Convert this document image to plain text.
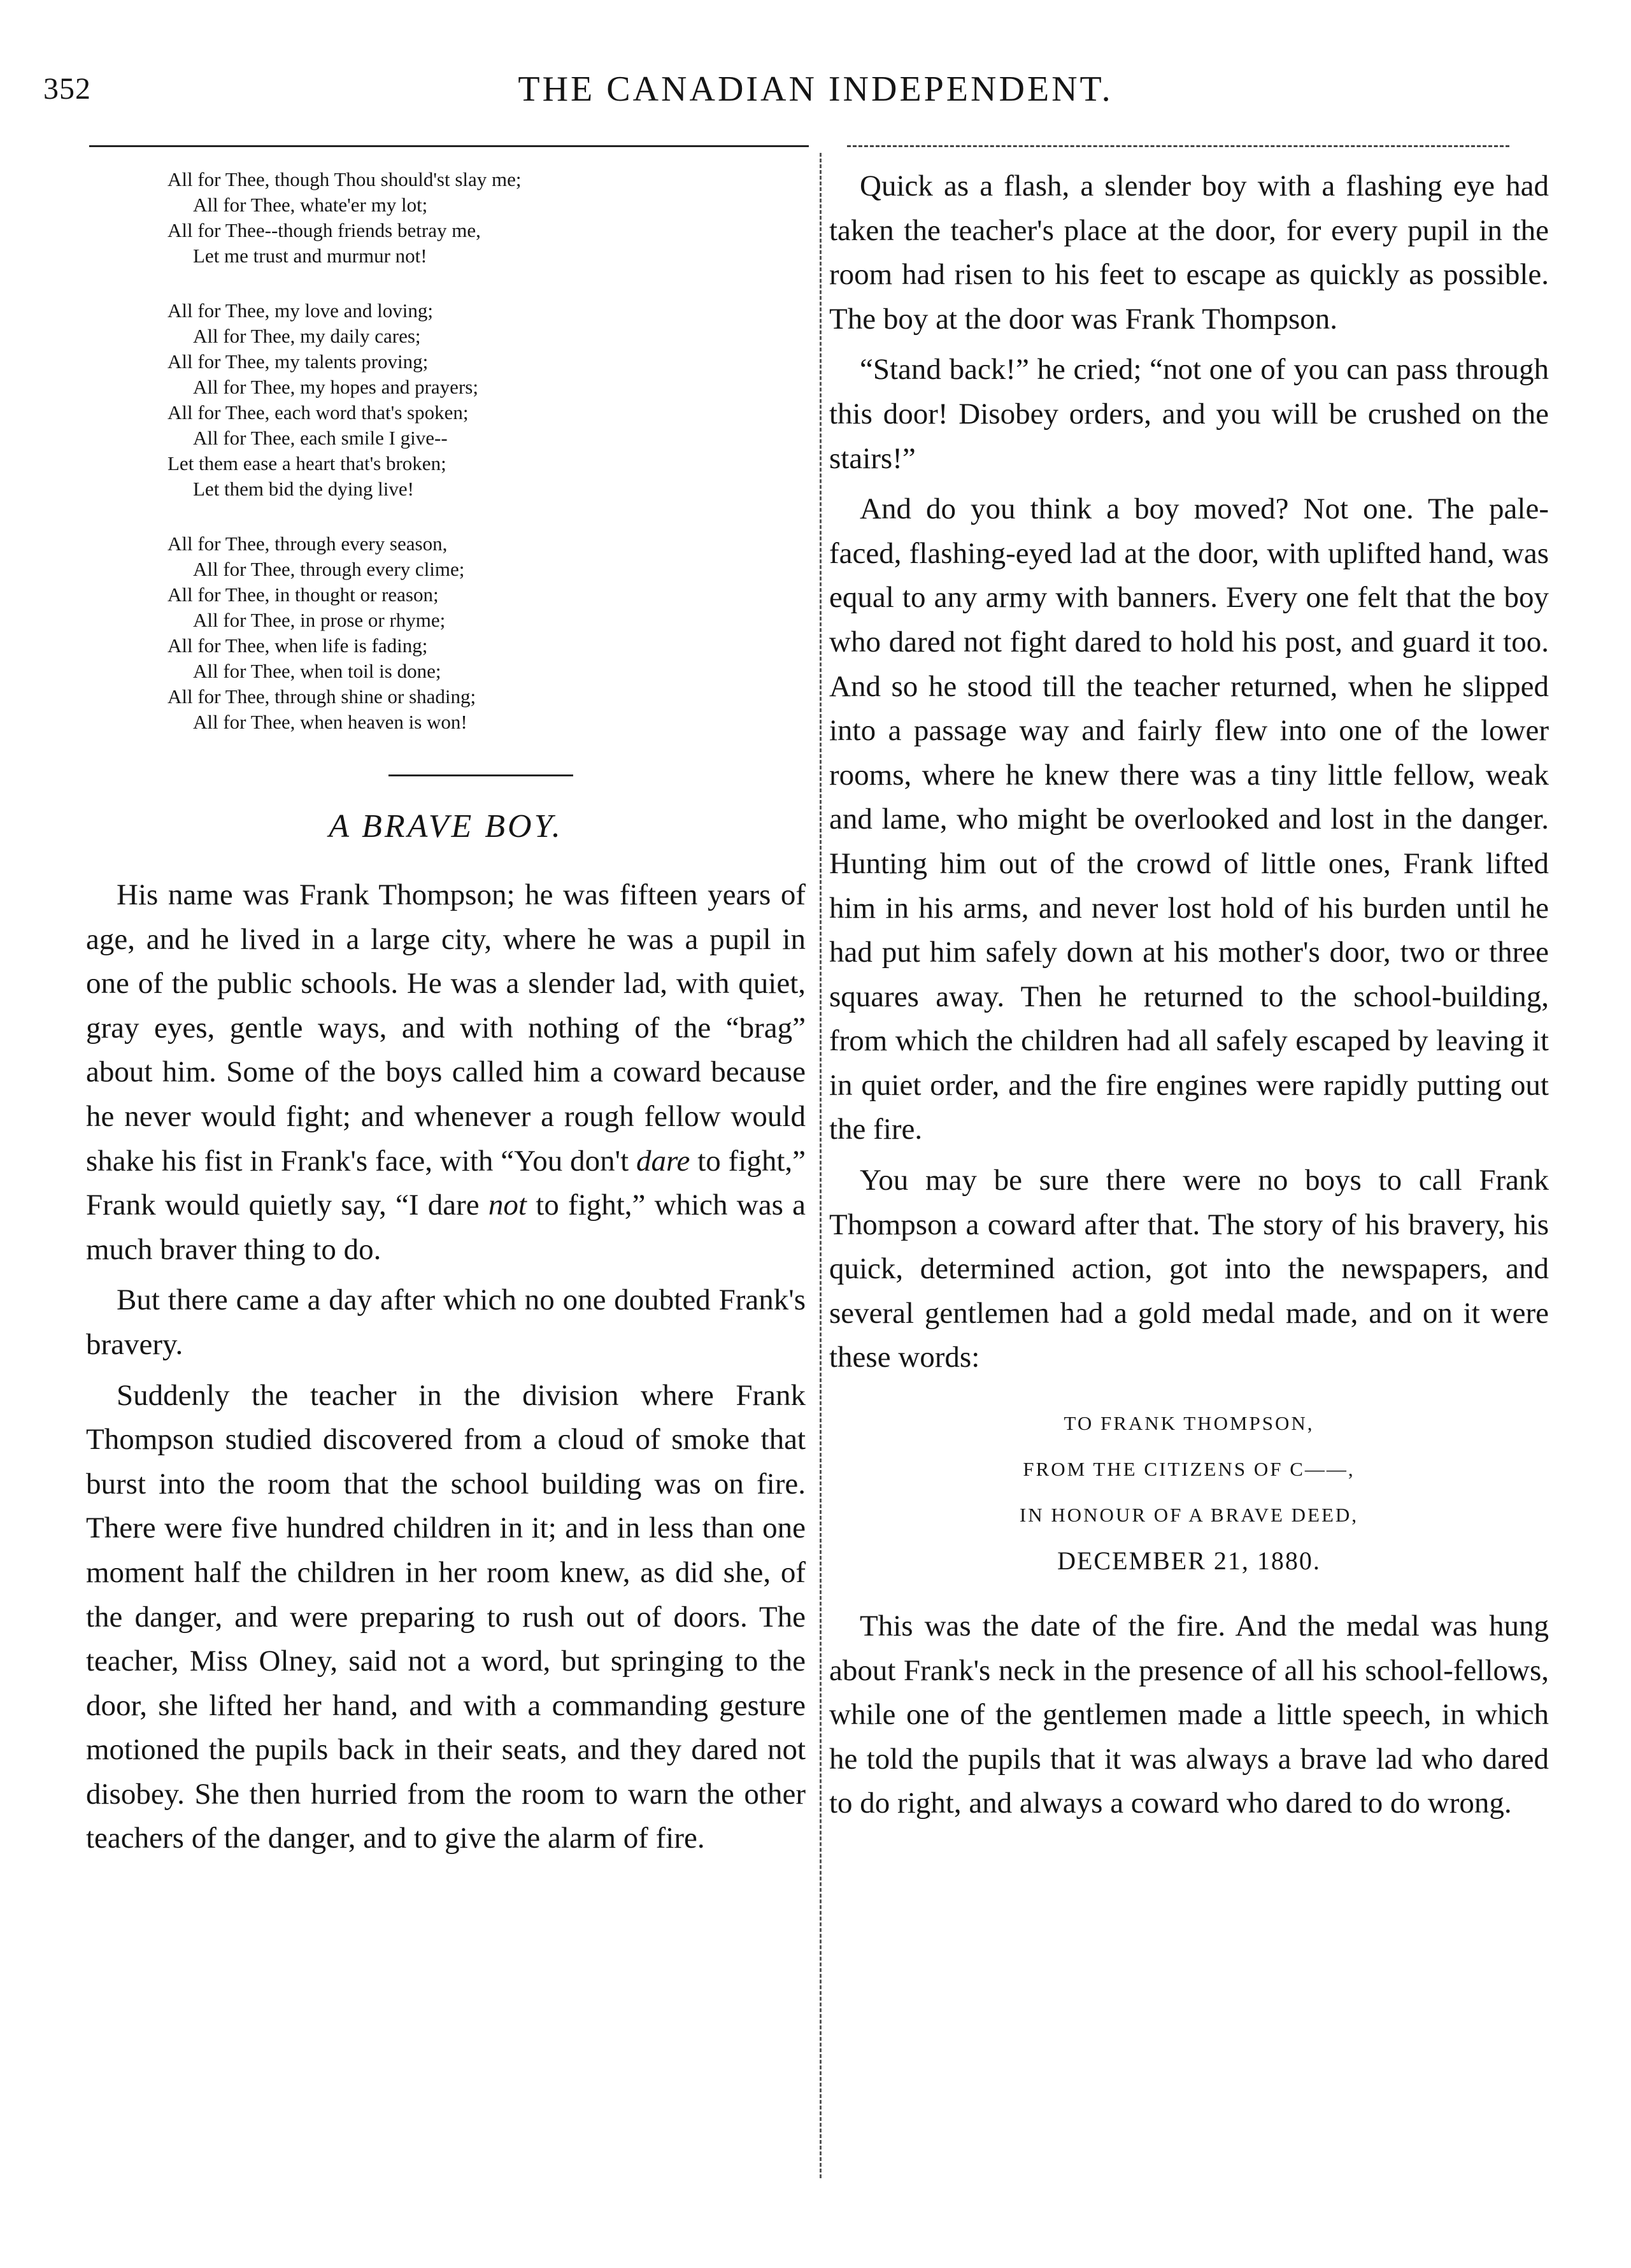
352	THE CANADIAN INDEPENDENT.
All for Thee, though Thou should'st slay me;
All for Thee, whate'er my lot;
All for Thee--though friends betray me,
Let me trust and murmur not!
All for Thee, my love and loving;
All for Thee, my daily cares;
All for Thee, my talents proving;
All for Thee, my hopes and prayers;
All for Thee, each word that's spoken;
All for Thee, each smile I give--
Let them ease a heart that's broken;
Let them bid the dying live!
All for Thee, through every season,
All for Thee, through every clime;
All for Thee, in thought or reason;
All for Thee, in prose or rhyme;
All for Thee, when life is fading;
All for Thee, when toil is done;
All for Thee, through shine or shading;
All for Thee, when heaven is won!
A BRAVE BOY.

His name was Frank Thompson; he was fifteen years of age, and he lived in a large city, where he was a pupil in one of the public schools. He was a slender lad, with quiet, gray eyes, gentle ways, and with nothing of the “brag” about him. Some of the boys called him a coward because he never would fight; and whenever a rough fellow would shake his fist in Frank's face, with “You don't dare to fight,” Frank would quietly say, “I dare not to fight,” which was a much braver thing to do.

But there came a day after which no one doubted Frank's bravery.

Suddenly the teacher in the division where Frank Thompson studied discovered from a cloud of smoke that burst into the room that the school building was on fire. There were five hundred children in it; and in less than one moment half the children in her room knew, as did she, of the danger, and were preparing to rush out of doors. The teacher, Miss Olney, said not a word, but springing to the door, she lifted her hand, and with a commanding gesture motioned the pupils back in their seats, and they dared not disobey. She then hurried from the room to warn the other teachers of the danger, and to give the alarm of fire.

Quick as a flash, a slender boy with a flashing eye had taken the teacher's place at the door, for every pupil in the room had risen to his feet to escape as quickly as possible. The boy at the door was Frank Thompson.

“Stand back!” he cried; “not one of you can pass through this door! Disobey orders, and you will be crushed on the stairs!”

And do you think a boy moved? Not one. The pale-faced, flashing-eyed lad at the door, with uplifted hand, was equal to any army with banners. Every one felt that the boy who dared not fight dared to hold his post, and guard it too. And so he stood till the teacher returned, when he slipped into a passage way and fairly flew into one of the lower rooms, where he knew there was a tiny little fellow, weak and lame, who might be overlooked and lost in the danger. Hunting him out of the crowd of little ones, Frank lifted him in his arms, and never lost hold of his burden until he had put him safely down at his mother's door, two or three squares away. Then he returned to the school-building, from which the children had all safely escaped by leaving it in quiet order, and the fire engines were rapidly putting out the fire.

You may be sure there were no boys to call Frank Thompson a coward after that. The story of his bravery, his quick, determined action, got into the newspapers, and several gentlemen had a gold medal made, and on it were these words:

TO FRANK THOMPSON,
FROM THE CITIZENS OF C——,
IN HONOUR OF A BRAVE DEED,
DECEMBER 21, 1880.

This was the date of the fire. And the medal was hung about Frank's neck in the presence of all his school-fellows, while one of the gentlemen made a little speech, in which he told the pupils that it was always a brave lad who dared to do right, and always a coward who dared to do wrong.
